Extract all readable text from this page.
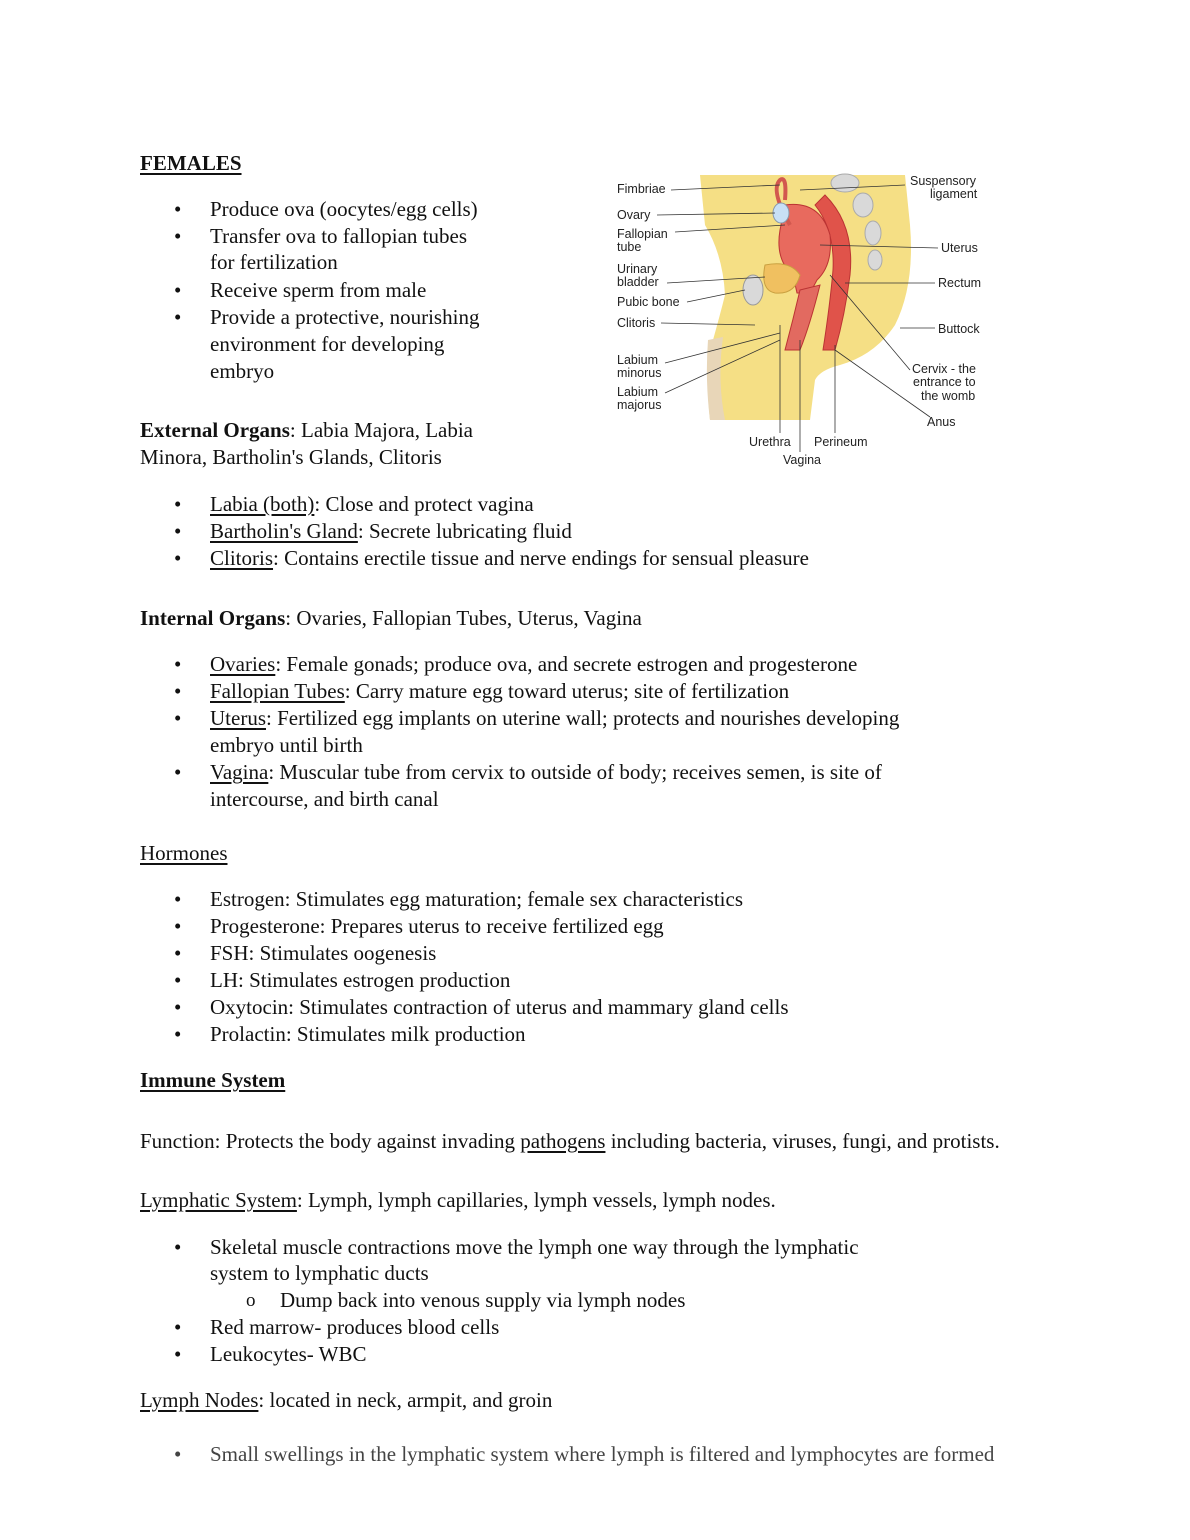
FEMALES
• Produce ova (oocytes/egg cells)
• Transfer ova to fallopian tubes
for fertilization
• Receive sperm from male
• Provide a protective, nourishing
environment for developing
embryo
External Organs: Labia Majora, Labia
Minora, Bartholin's Glands, Clitoris
• Labia (both): Close and protect vagina
• Bartholin's Gland: Secrete lubricating fluid
• Clitoris: Contains erectile tissue and nerve endings for sensual pleasure
Internal Organs: Ovaries, Fallopian Tubes, Uterus, Vagina
• Ovaries: Female gonads; produce ova, and secrete estrogen and progesterone
• Fallopian Tubes: Carry mature egg toward uterus; site of fertilization
• Uterus: Fertilized egg implants on uterine wall; protects and nourishes developing
embryo until birth
• Vagina: Muscular tube from cervix to outside of body; receives semen, is site of
intercourse, and birth canal
Hormones
• Estrogen: Stimulates egg maturation; female sex characteristics
• Progesterone: Prepares uterus to receive fertilized egg
• FSH: Stimulates oogenesis
• LH: Stimulates estrogen production
• Oxytocin: Stimulates contraction of uterus and mammary gland cells
• Prolactin: Stimulates milk production
Immune System
Function: Protects the body against invading pathogens including bacteria, viruses, fungi, and protists.
Lymphatic System: Lymph, lymph capillaries, lymph vessels, lymph nodes.
• Skeletal muscle contractions move the lymph one way through the lymphatic
system to lymphatic ducts
o Dump back into venous supply via lymph nodes
• Red marrow- produces blood cells
• Leukocytes- WBC
Lymph Nodes: located in neck, armpit, and groin
• Small swellings in the lymphatic system where lymph is filtered and lymphocytes are formed
Fimbriae
Ovary
Fallopian
tube
Urinary
bladder
Pubic bone
Clitoris
Labium
minorus
Labium
majorus
Suspensory
ligament
Uterus
Rectum
Buttock
Cervix - the
entrance to
the womb
Anus
Urethra Perineum
Vagina
